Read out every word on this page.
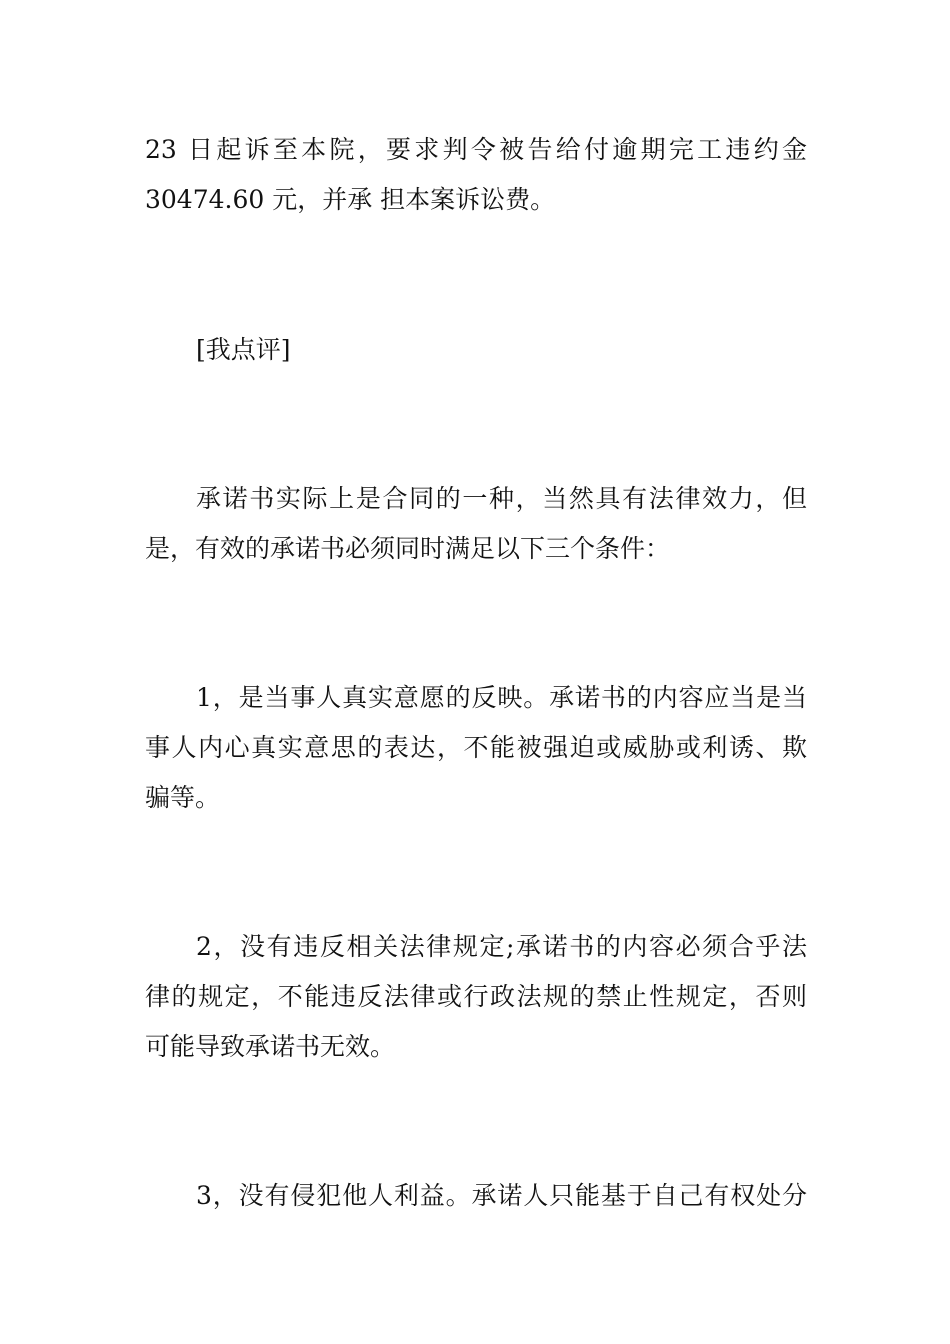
23 日起诉至本院，要求判令被告给付逾期完工违约金
30474.60 元，并承 担本案诉讼费。
[我点评]
承诺书实际上是合同的一种，当然具有法律效力，但
是，有效的承诺书必须同时满足以下三个条件：
1，是当事人真实意愿的反映。承诺书的内容应当是当
事人内心真实意思的表达，不能被强迫或威胁或利诱、欺
骗等。
2，没有违反相关法律规定;承诺书的内容必须合乎法
律的规定，不能违反法律或行政法规的禁止性规定，否则
可能导致承诺书无效。
3，没有侵犯他人利益。承诺人只能基于自己有权处分
